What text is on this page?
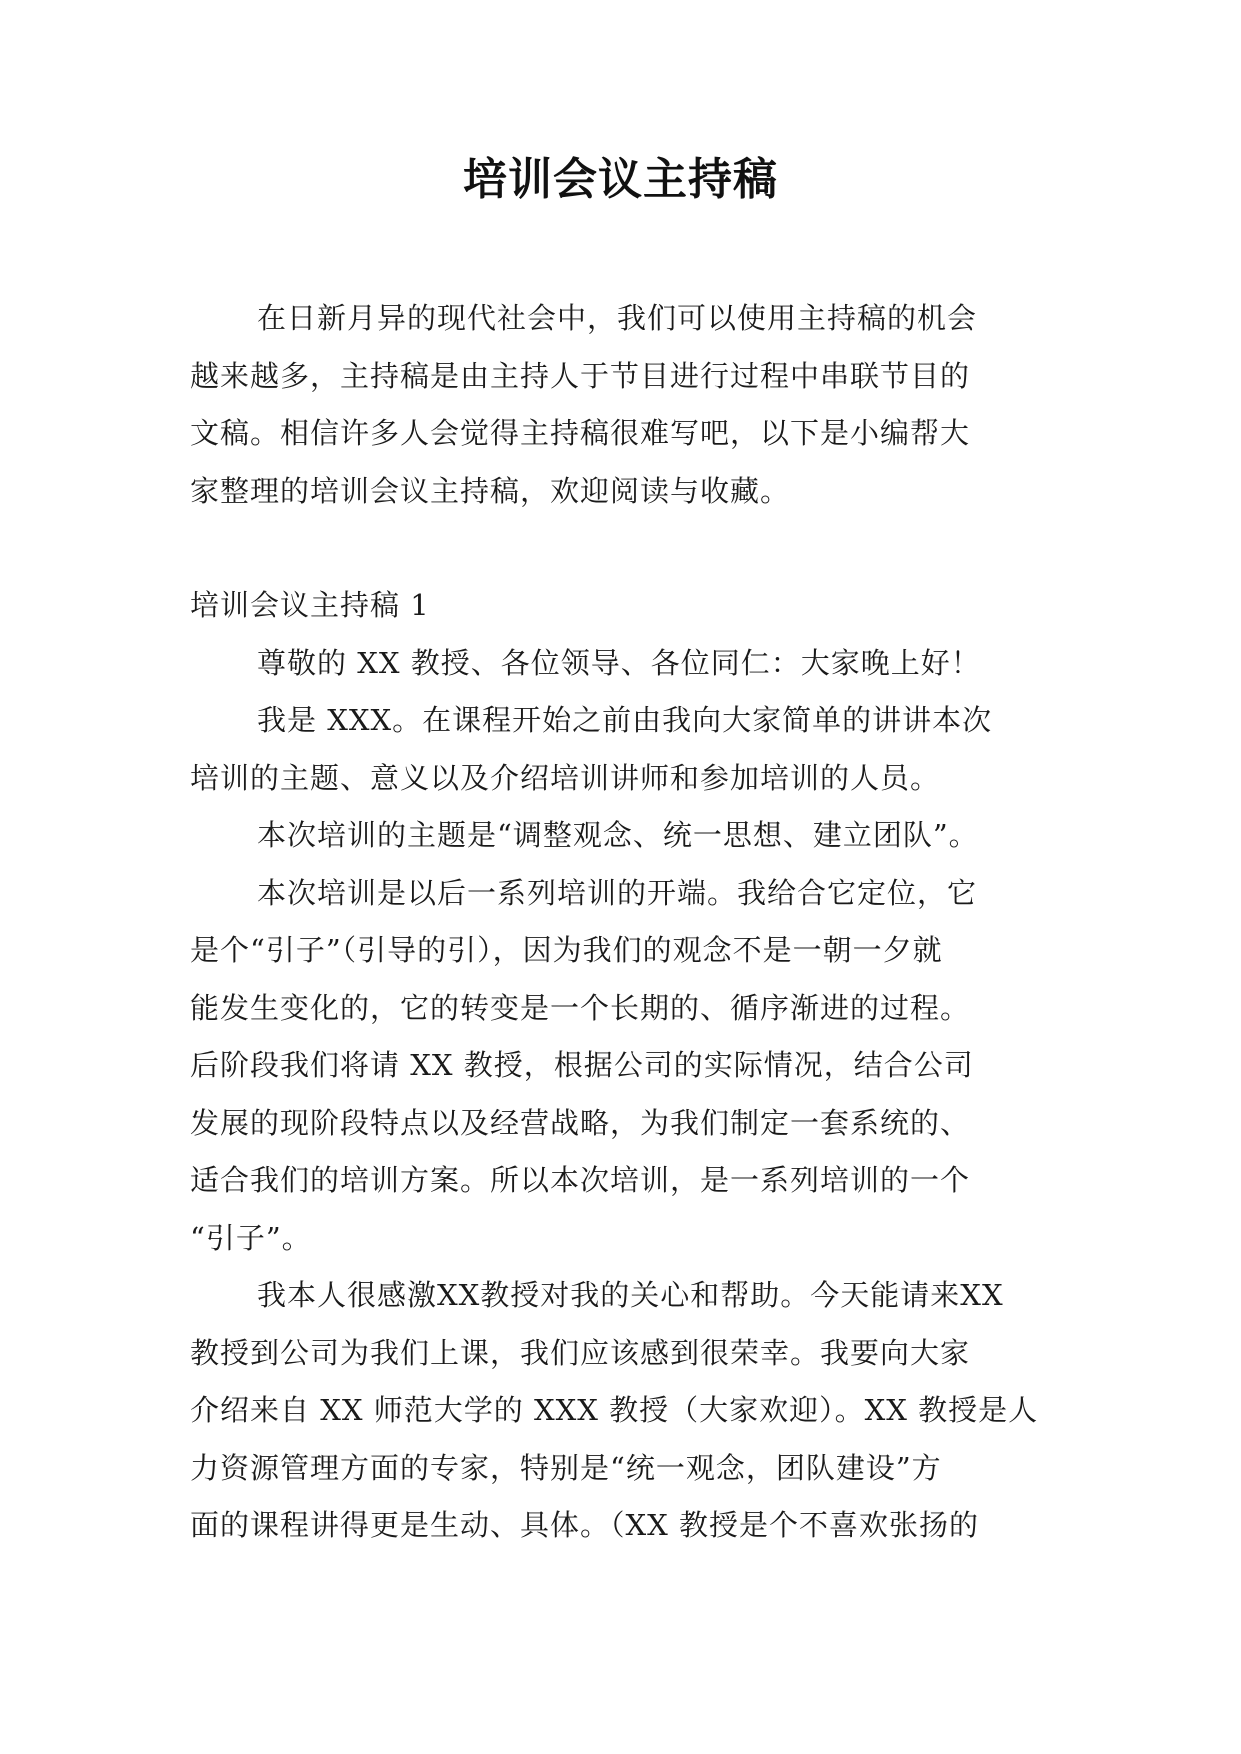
培训会议主持稿
在日新月异的现代社会中，我们可以使用主持稿的机会
越来越多，主持稿是由主持人于节目进行过程中串联节目的
文稿。相信许多人会觉得主持稿很难写吧，以下是小编帮大
家整理的培训会议主持稿，欢迎阅读与收藏。
培训会议主持稿 1
尊敬的 XX 教授、各位领导、各位同仁：大家晚上好！
我是 XXX。在课程开始之前由我向大家简单的讲讲本次
培训的主题、意义以及介绍培训讲师和参加培训的人员。
本次培训的主题是“调整观念、统一思想、建立团队”。
本次培训是以后一系列培训的开端。我给合它定位，它
是个“引子”（引导的引），因为我们的观念不是一朝一夕就
能发生变化的，它的转变是一个长期的、循序渐进的过程。
后阶段我们将请 XX 教授，根据公司的实际情况，结合公司
发展的现阶段特点以及经营战略，为我们制定一套系统的、
适合我们的培训方案。所以本次培训，是一系列培训的一个
“引子”。
我本人很感激XX教授对我的关心和帮助。今天能请来XX
教授到公司为我们上课，我们应该感到很荣幸。我要向大家
介绍来自 XX 师范大学的 XXX 教授（大家欢迎）。XX 教授是人
力资源管理方面的专家，特别是“统一观念，团队建设”方
面的课程讲得更是生动、具体。（XX 教授是个不喜欢张扬的
